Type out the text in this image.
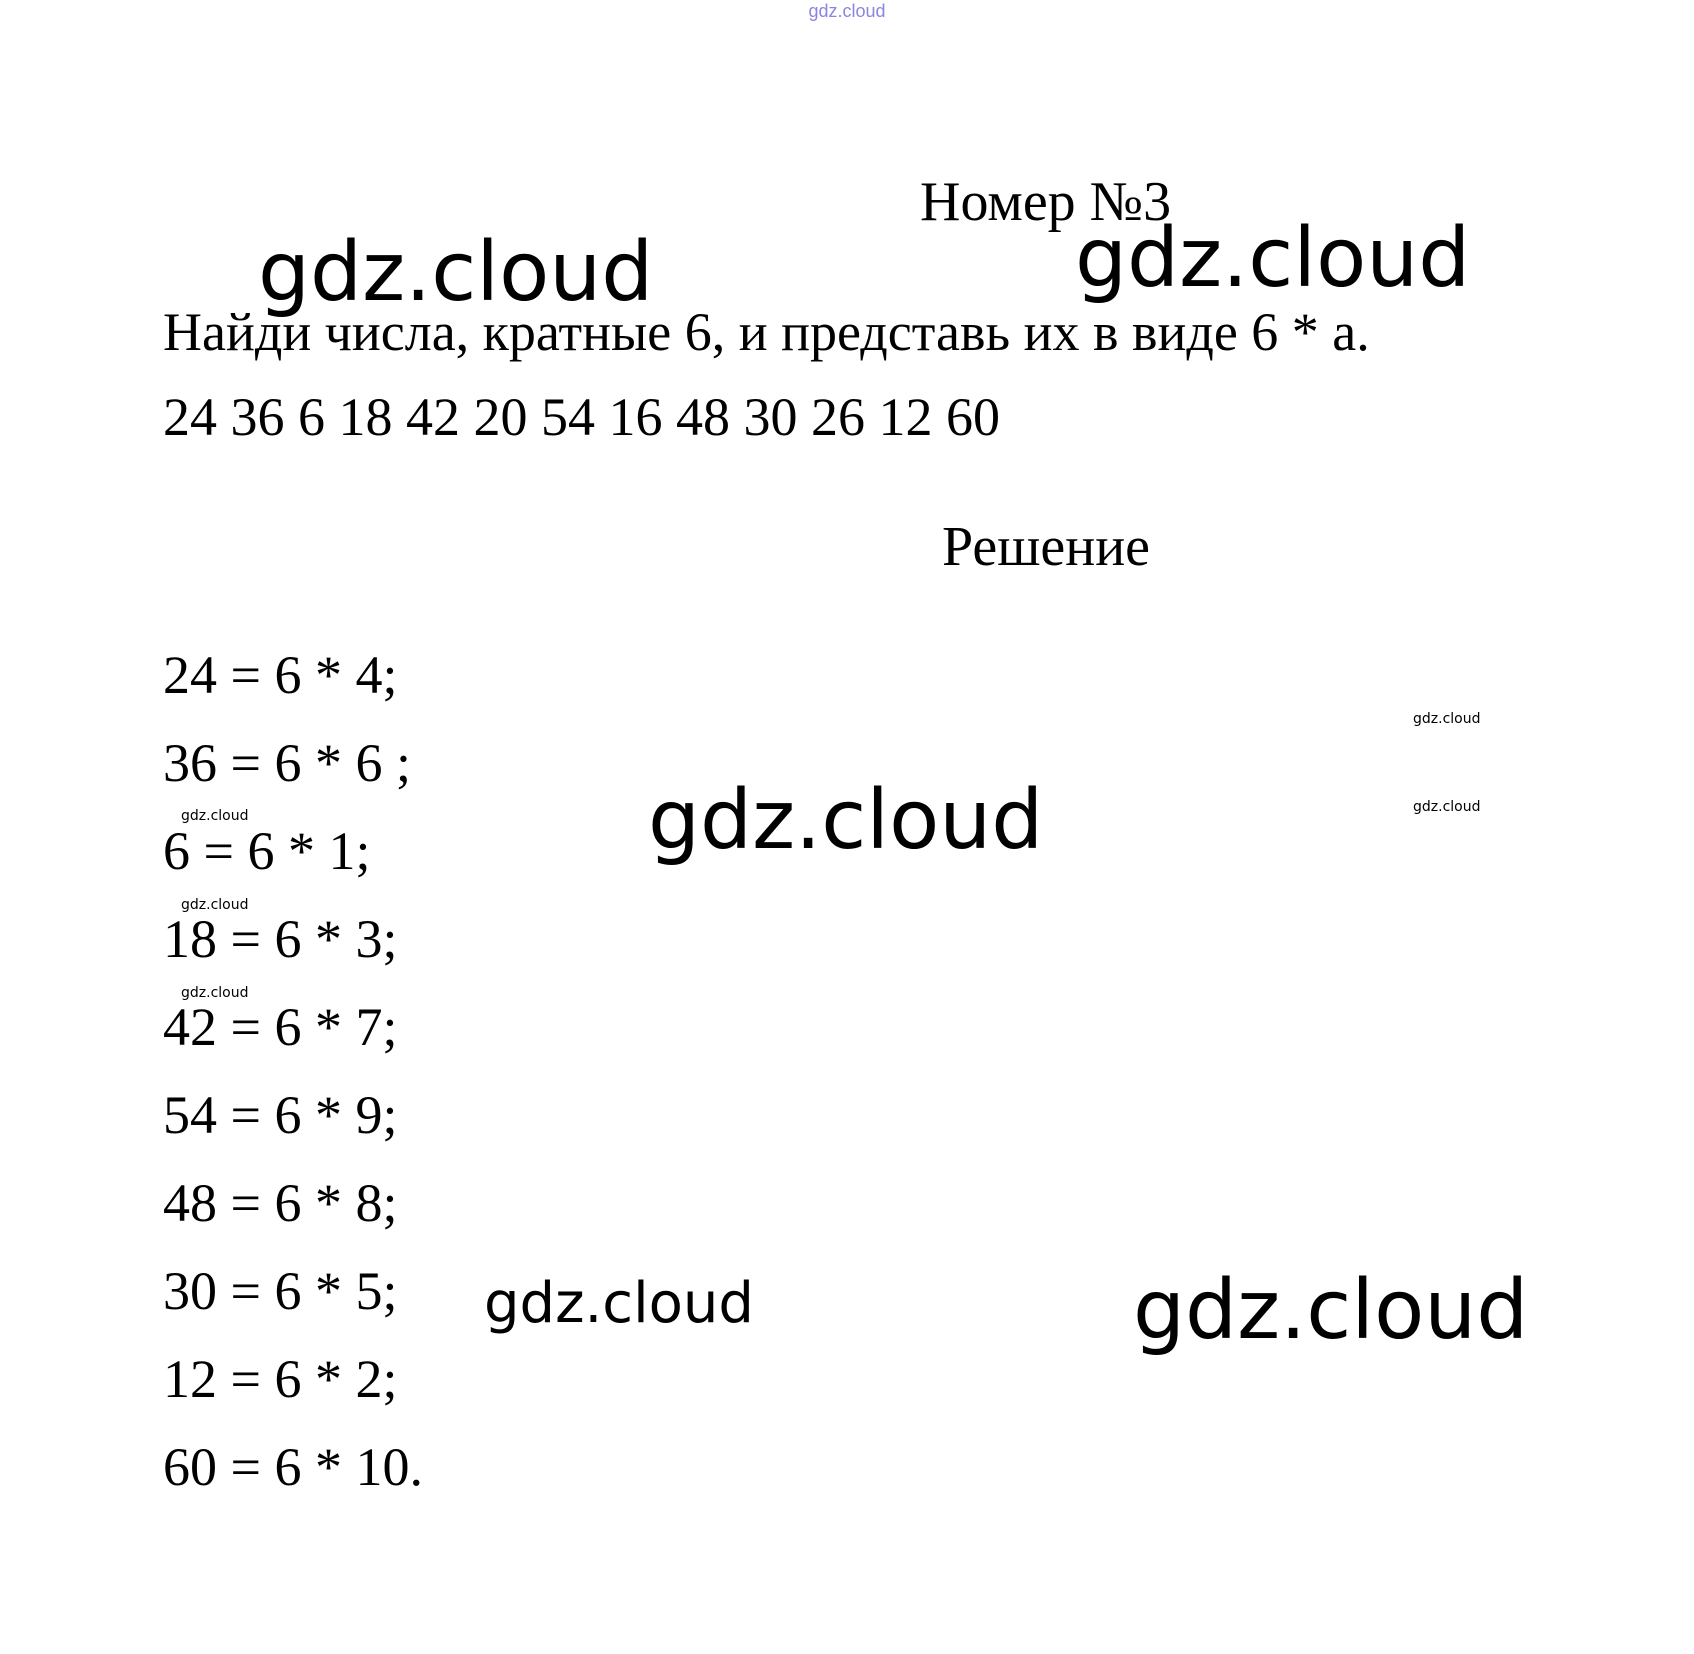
gdz.cloud
Номер №3
Найди числа, кратные 6, и представь их в виде 6 * a.
24 36 6 18 42 20 54 16 48 30 26 12 60
Решение
24 = 6 * 4;
36 = 6 * 6 ;
6 = 6 * 1;
18 = 6 * 3;
42 = 6 * 7;
54 = 6 * 9;
48 = 6 * 8;
30 = 6 * 5;
12 = 6 * 2;
60 = 6 * 10.
gdz.cloud	gdz.cloud
gdz.cloud
gdz.cloud
gdz.cloud
gdz.cloud
gdz.cloud
gdz.cloud
gdz.cloud
gdz.cloud
